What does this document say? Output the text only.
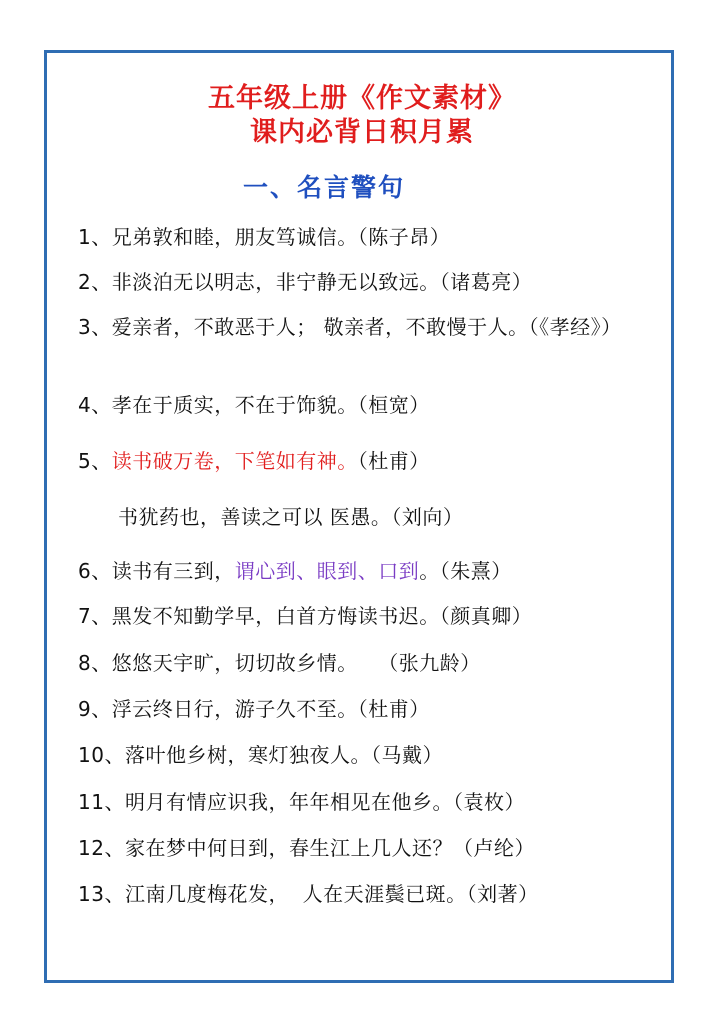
五年级上册《作文素材》
课内必背日积月累
一、名言警句
1、兄弟敦和睦，朋友笃诚信。（陈子昂）
2、非淡泊无以明志，非宁静无以致远。（诸葛亮）
3、爱亲者，不敢恶于人； 敬亲者，不敢慢于人。（《孝经》）
4、孝在于质实，不在于饰貌。（桓宽）
5、读书破万卷，下笔如有神。（杜甫）
书犹药也，善读之可以 医愚。（刘向）
6、读书有三到，谓心到、眼到、口到。（朱熹）
7、黑发不知勤学早，白首方悔读书迟。（颜真卿）
8、悠悠天宇旷，切切故乡情。   （张九龄）
9、浮云终日行，游子久不至。（杜甫）
10、落叶他乡树，寒灯独夜人。（马戴）
11、明月有情应识我，年年相见在他乡。（袁枚）
12、家在梦中何日到，春生江上几人还？（卢纶）
13、江南几度梅花发，  人在天涯鬓已斑。（刘著）
